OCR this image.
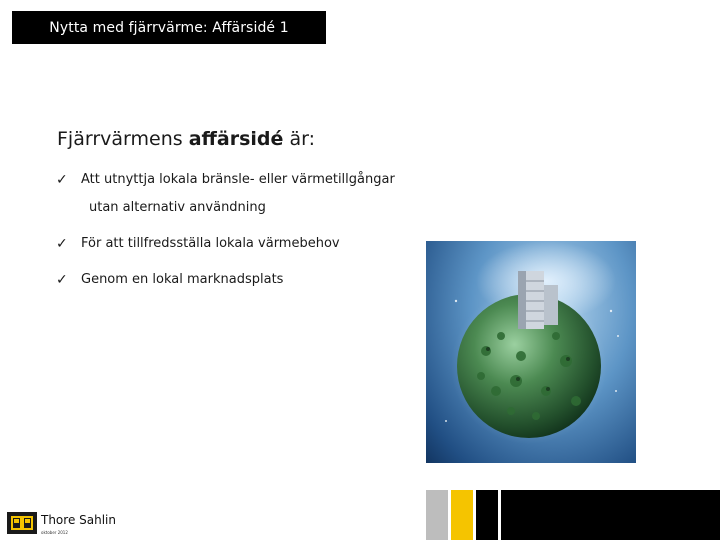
Nytta med fjärrvärme: Affärsidé 1
Fjärrvärmens affärsidé är:
✓	Att utnyttja lokala bränsle- eller värmetillgångar
utan alternativ användning
✓	För att tillfredsställa lokala värmebehov
✓	Genom en lokal marknadsplats
Thore Sahlin
oktober 2012
